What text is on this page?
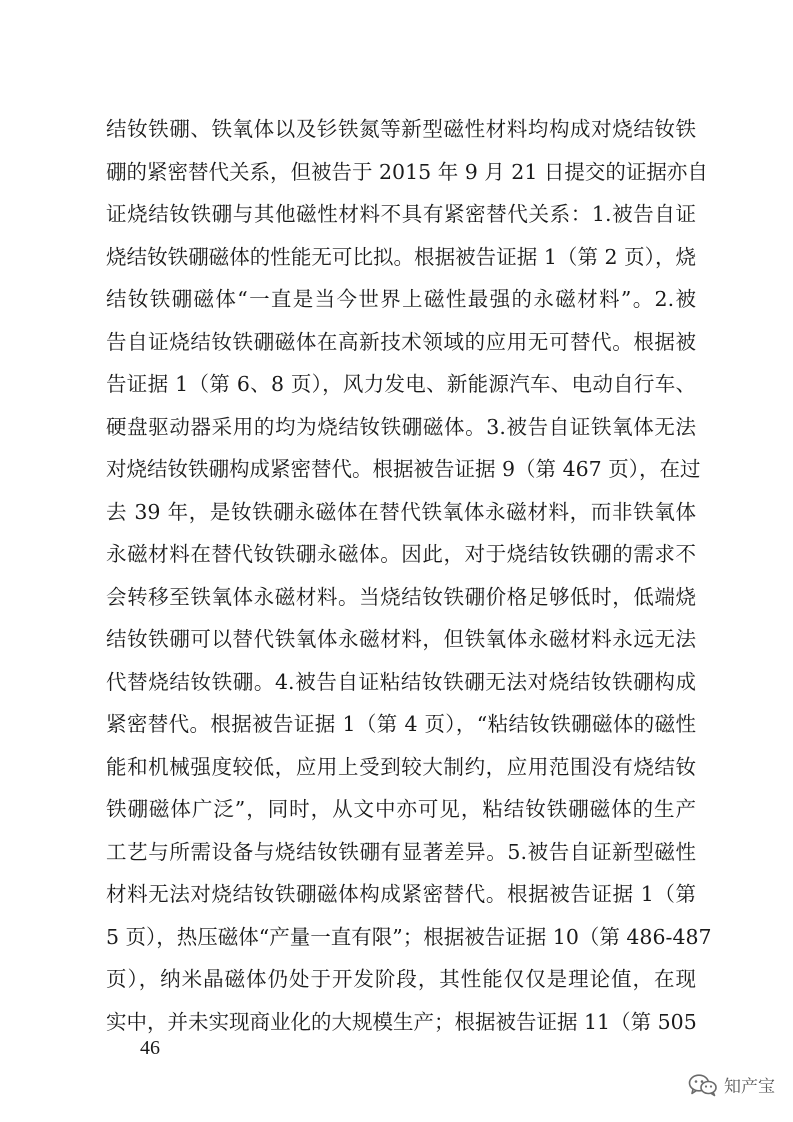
结钕铁硼、铁氧体以及钐铁氮等新型磁性材料均构成对烧结钕铁
硼的紧密替代关系，但被告于 2015 年 9 月 21 日提交的证据亦自
证烧结钕铁硼与其他磁性材料不具有紧密替代关系：1.被告自证
烧结钕铁硼磁体的性能无可比拟。根据被告证据 1（第 2 页），烧
结钕铁硼磁体“一直是当今世界上磁性最强的永磁材料”。2.被
告自证烧结钕铁硼磁体在高新技术领域的应用无可替代。根据被
告证据 1（第 6、8 页），风力发电、新能源汽车、电动自行车、
硬盘驱动器采用的均为烧结钕铁硼磁体。3.被告自证铁氧体无法
对烧结钕铁硼构成紧密替代。根据被告证据 9（第 467 页），在过
去 39 年，是钕铁硼永磁体在替代铁氧体永磁材料，而非铁氧体
永磁材料在替代钕铁硼永磁体。因此，对于烧结钕铁硼的需求不
会转移至铁氧体永磁材料。当烧结钕铁硼价格足够低时，低端烧
结钕铁硼可以替代铁氧体永磁材料，但铁氧体永磁材料永远无法
代替烧结钕铁硼。4.被告自证粘结钕铁硼无法对烧结钕铁硼构成
紧密替代。根据被告证据 1（第 4 页），“粘结钕铁硼磁体的磁性
能和机械强度较低，应用上受到较大制约，应用范围没有烧结钕
铁硼磁体广泛”，同时，从文中亦可见，粘结钕铁硼磁体的生产
工艺与所需设备与烧结钕铁硼有显著差异。5.被告自证新型磁性
材料无法对烧结钕铁硼磁体构成紧密替代。根据被告证据 1（第
5 页），热压磁体“产量一直有限”；根据被告证据 10（第 486-487
页），纳米晶磁体仍处于开发阶段，其性能仅仅是理论值，在现
实中，并未实现商业化的大规模生产；根据被告证据 11（第 505
46
知产宝
